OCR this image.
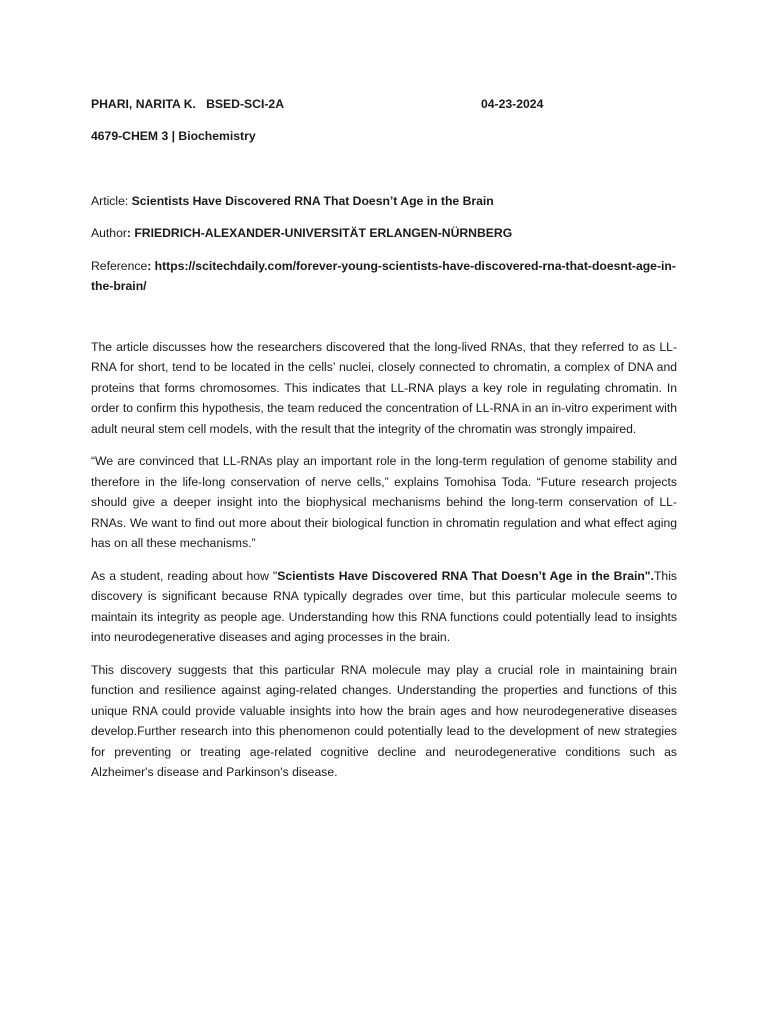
PHARI, NARITA K. BSED-SCI-2A	04-23-2024
4679-CHEM 3 | Biochemistry

Article: Scientists Have Discovered RNA That Doesn’t Age in the Brain

Author: FRIEDRICH-ALEXANDER-UNIVERSITÄT ERLANGEN-NÜRNBERG

Reference: https://scitechdaily.com/forever-young-scientists-have-discovered-rna-that-doesnt-age-in-the-brain/

The article discusses how the researchers discovered that the long-lived RNAs, that they referred to as LL-RNA for short, tend to be located in the cells’ nuclei, closely connected to chromatin, a complex of DNA and proteins that forms chromosomes. This indicates that LL-RNA plays a key role in regulating chromatin. In order to confirm this hypothesis, the team reduced the concentration of LL-RNA in an in-vitro experiment with adult neural stem cell models, with the result that the integrity of the chromatin was strongly impaired.

“We are convinced that LL-RNAs play an important role in the long-term regulation of genome stability and therefore in the life-long conservation of nerve cells,” explains Tomohisa Toda. “Future research projects should give a deeper insight into the biophysical mechanisms behind the long-term conservation of LL-RNAs. We want to find out more about their biological function in chromatin regulation and what effect aging has on all these mechanisms.”

As a student, reading about how "Scientists Have Discovered RNA That Doesn’t Age in the Brain".This discovery is significant because RNA typically degrades over time, but this particular molecule seems to maintain its integrity as people age. Understanding how this RNA functions could potentially lead to insights into neurodegenerative diseases and aging processes in the brain.

This discovery suggests that this particular RNA molecule may play a crucial role in maintaining brain function and resilience against aging-related changes. Understanding the properties and functions of this unique RNA could provide valuable insights into how the brain ages and how neurodegenerative diseases develop.Further research into this phenomenon could potentially lead to the development of new strategies for preventing or treating age-related cognitive decline and neurodegenerative conditions such as Alzheimer's disease and Parkinson's disease.
